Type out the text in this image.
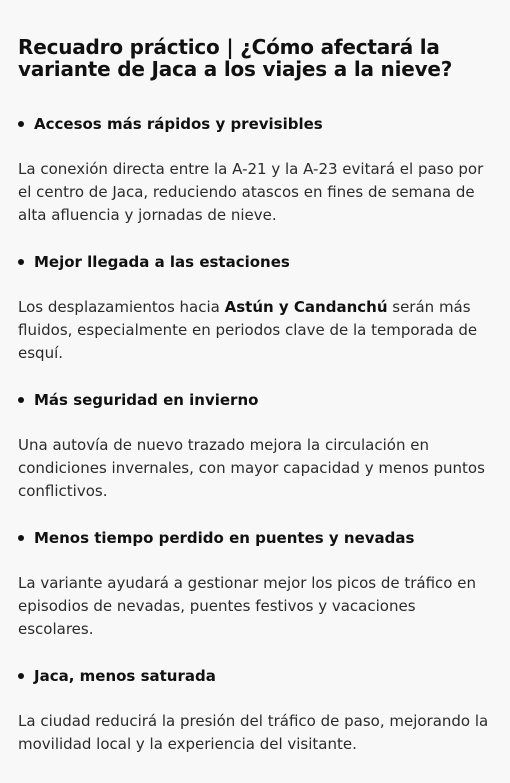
Recuadro práctico | ¿Cómo afectará la variante de Jaca a los viajes a la nieve?
Accesos más rápidos y previsibles

La conexión directa entre la A-21 y la A-23 evitará el paso por el centro de Jaca, reduciendo atascos en fines de semana de alta afluencia y jornadas de nieve.

Mejor llegada a las estaciones

Los desplazamientos hacia Astún y Candanchú serán más fluidos, especialmente en periodos clave de la temporada de esquí.

Más seguridad en invierno

Una autovía de nuevo trazado mejora la circulación en condiciones invernales, con mayor capacidad y menos puntos conflictivos.

Menos tiempo perdido en puentes y nevadas

La variante ayudará a gestionar mejor los picos de tráfico en episodios de nevadas, puentes festivos y vacaciones escolares.

Jaca, menos saturada

La ciudad reducirá la presión del tráfico de paso, mejorando la movilidad local y la experiencia del visitante.
